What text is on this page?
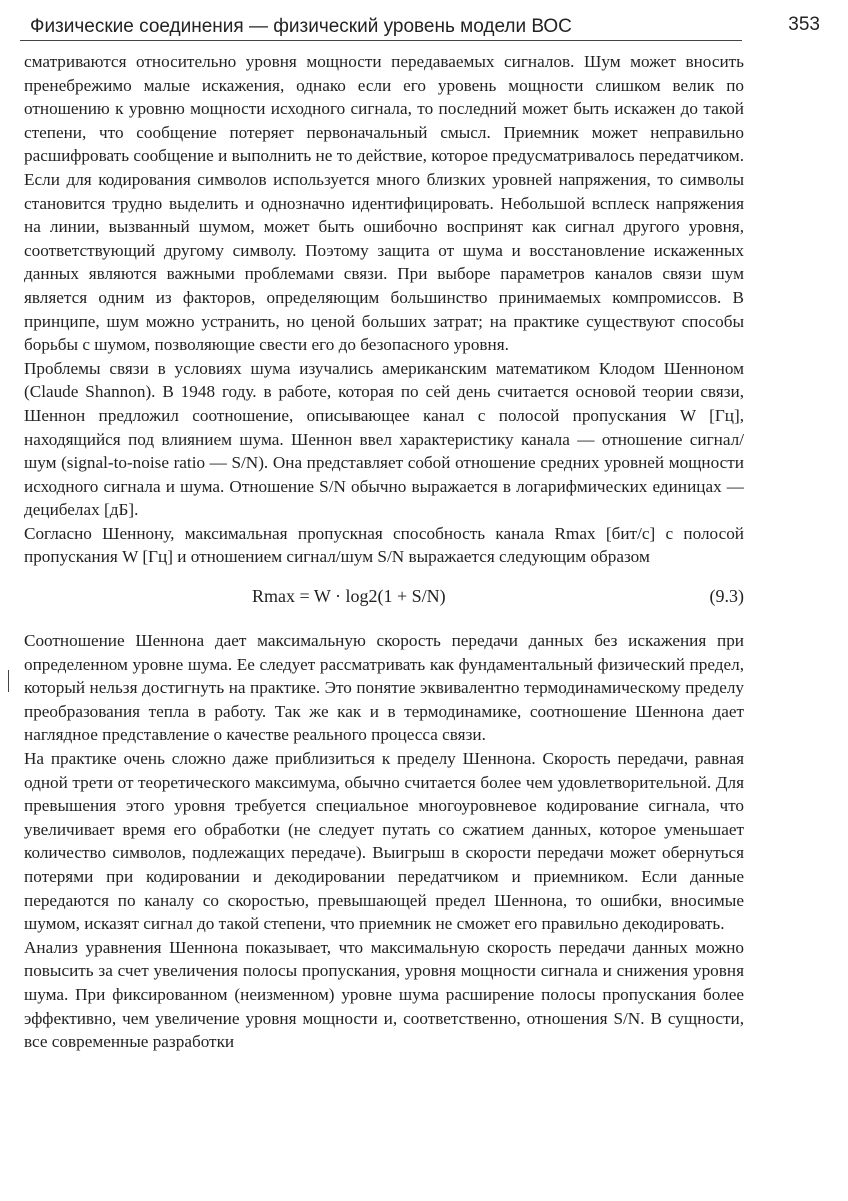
Физические соединения — физический уровень модели ВОС	353

сматриваются относительно уровня мощности передаваемых сигналов. Шум может вносить пренебрежимо малые искажения, однако если его уровень мощности слишком велик по отношению к уровню мощности исходного сигнала, то последний может быть искажен до такой степени, что сообщение потеряет первоначальный смысл. Приемник может неправильно расшифровать сообщение и выполнить не то действие, которое предусматривалось передатчиком. Если для кодирования символов используется много близких уровней напряжения, то символы становится трудно выделить и однозначно идентифицировать. Небольшой всплеск напряжения на линии, вызванный шумом, может быть ошибочно воспринят как сигнал другого уровня, соответствующий другому символу. Поэтому защита от шума и восстановление искаженных данных являются важными проблемами связи. При выборе параметров каналов связи шум является одним из факторов, определяющим большинство принимаемых компромиссов. В принципе, шум можно устранить, но ценой больших затрат; на практике существуют способы борьбы с шумом, позволяющие свести его до безопасного уровня.

Проблемы связи в условиях шума изучались американским математиком Клодом Шенноном (Claude Shannon). В 1948 году. в работе, которая по сей день считается основой теории связи, Шеннон предложил соотношение, описывающее канал с полосой пропускания W [Гц], находящийся под влиянием шума. Шеннон ввел характеристику канала — отношение сигнал/шум (signal-to-noise ratio — S/N). Она представляет собой отношение средних уровней мощности исходного сигнала и шума. Отношение S/N обычно выражается в логарифмических единицах — децибелах [дБ].

Согласно Шеннону, максимальная пропускная способность канала Rmax [бит/с] с полосой пропускания W [Гц] и отношением сигнал/шум S/N выражается следующим образом

Rmax = W · log2(1 + S/N)	(9.3)

Соотношение Шеннона дает максимальную скорость передачи данных без искажения при определенном уровне шума. Ее следует рассматривать как фундаментальный физический предел, который нельзя достигнуть на практике. Это понятие эквивалентно термодинамическому пределу преобразования тепла в работу. Так же как и в термодинамике, соотношение Шеннона дает наглядное представление о качестве реального процесса связи.

На практике очень сложно даже приблизиться к пределу Шеннона. Скорость передачи, равная одной трети от теоретического максимума, обычно считается более чем удовлетворительной. Для превышения этого уровня требуется специальное многоуровневое кодирование сигнала, что увеличивает время его обработки (не следует путать со сжатием данных, которое уменьшает количество символов, подлежащих передаче). Выигрыш в скорости передачи может обернуться потерями при кодировании и декодировании передатчиком и приемником. Если данные передаются по каналу со скоростью, превышающей предел Шеннона, то ошибки, вносимые шумом, исказят сигнал до такой степени, что приемник не сможет его правильно декодировать.

Анализ уравнения Шеннона показывает, что максимальную скорость передачи данных можно повысить за счет увеличения полосы пропускания, уровня мощности сигнала и снижения уровня шума. При фиксированном (неизменном) уровне шума расширение полосы пропускания более эффективно, чем увеличение уровня мощности и, соответственно, отношения S/N. В сущности, все современные разработки
